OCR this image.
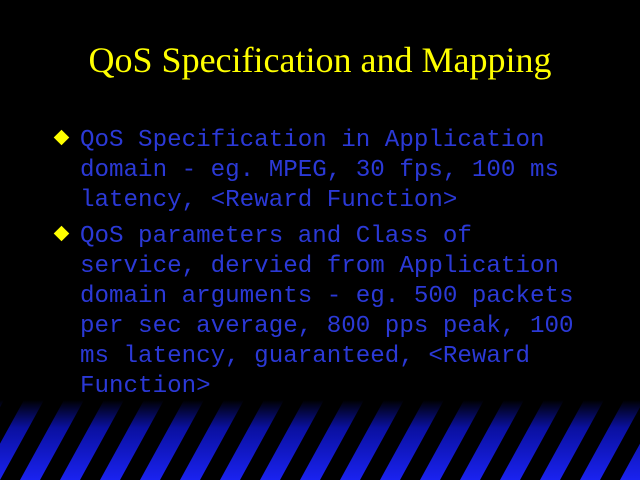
QoS Specification and Mapping
QoS Specification in Application
domain - eg. MPEG, 30 fps, 100 ms
latency, <Reward Function>
QoS parameters and Class of
service, dervied from Application
domain arguments - eg. 500 packets
per sec average, 800 pps peak, 100
ms latency, guaranteed, <Reward
Function>
